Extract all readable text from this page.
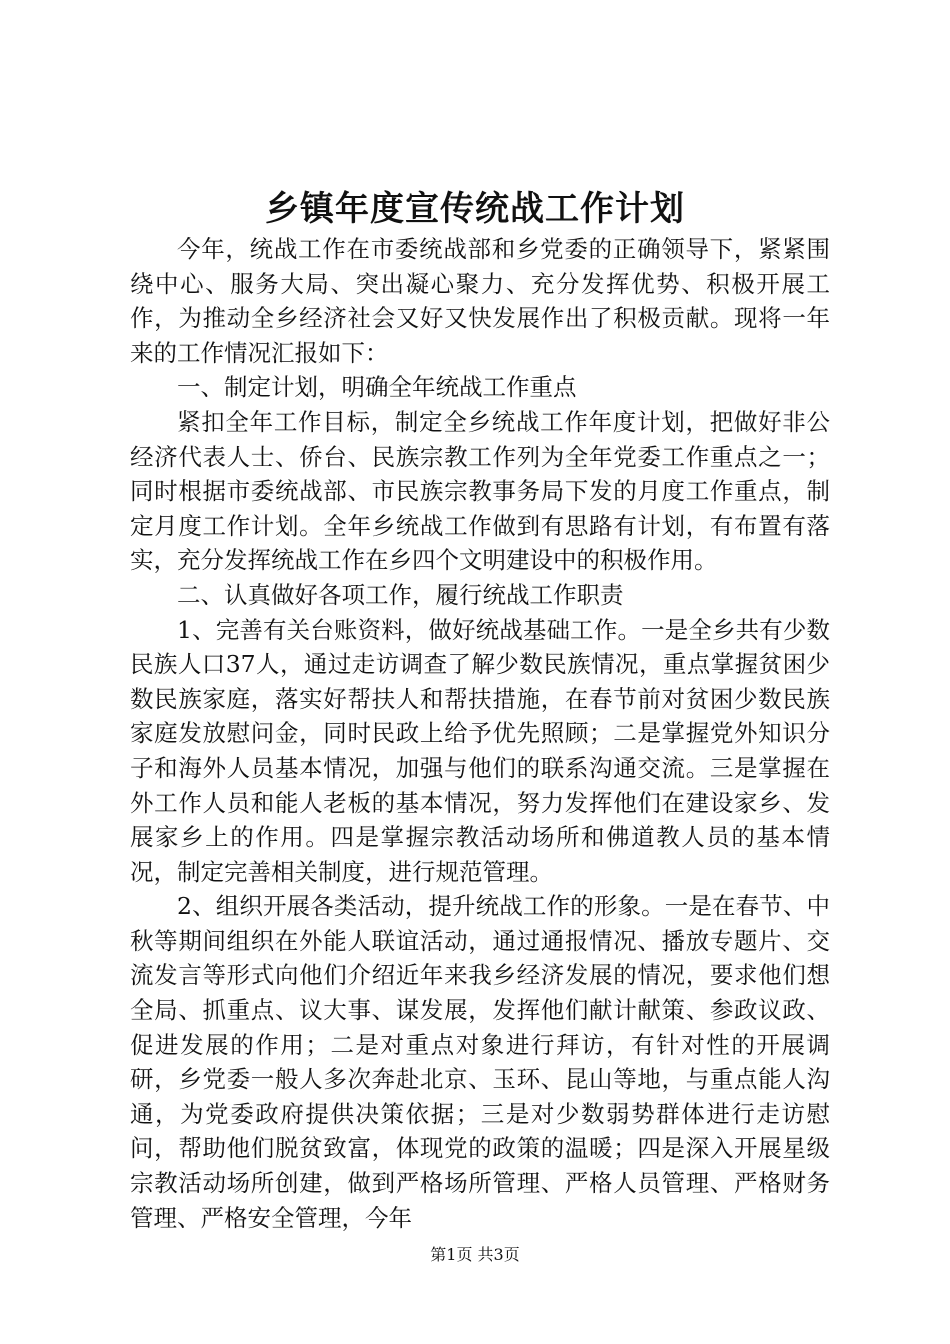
乡镇年度宣传统战工作计划

今年，统战工作在市委统战部和乡党委的正确领导下，紧紧围绕中心、服务大局、突出凝心聚力、充分发挥优势、积极开展工作，为推动全乡经济社会又好又快发展作出了积极贡献。现将一年来的工作情况汇报如下：

一、制定计划，明确全年统战工作重点

紧扣全年工作目标，制定全乡统战工作年度计划，把做好非公经济代表人士、侨台、民族宗教工作列为全年党委工作重点之一；同时根据市委统战部、市民族宗教事务局下发的月度工作重点，制定月度工作计划。全年乡统战工作做到有思路有计划，有布置有落实，充分发挥统战工作在乡四个文明建设中的积极作用。

二、认真做好各项工作，履行统战工作职责

1、完善有关台账资料，做好统战基础工作。一是全乡共有少数民族人口37人，通过走访调查了解少数民族情况，重点掌握贫困少数民族家庭，落实好帮扶人和帮扶措施，在春节前对贫困少数民族家庭发放慰问金，同时民政上给予优先照顾；二是掌握党外知识分子和海外人员基本情况，加强与他们的联系沟通交流。三是掌握在外工作人员和能人老板的基本情况，努力发挥他们在建设家乡、发展家乡上的作用。四是掌握宗教活动场所和佛道教人员的基本情况，制定完善相关制度，进行规范管理。

2、组织开展各类活动，提升统战工作的形象。一是在春节、中秋等期间组织在外能人联谊活动，通过通报情况、播放专题片、交流发言等形式向他们介绍近年来我乡经济发展的情况，要求他们想全局、抓重点、议大事、谋发展，发挥他们献计献策、参政议政、促进发展的作用；二是对重点对象进行拜访，有针对性的开展调研，乡党委一般人多次奔赴北京、玉环、昆山等地，与重点能人沟通，为党委政府提供决策依据；三是对少数弱势群体进行走访慰问，帮助他们脱贫致富，体现党的政策的温暖；四是深入开展星级宗教活动场所创建，做到严格场所管理、严格人员管理、严格财务管理、严格安全管理，今年

第1页 共3页
